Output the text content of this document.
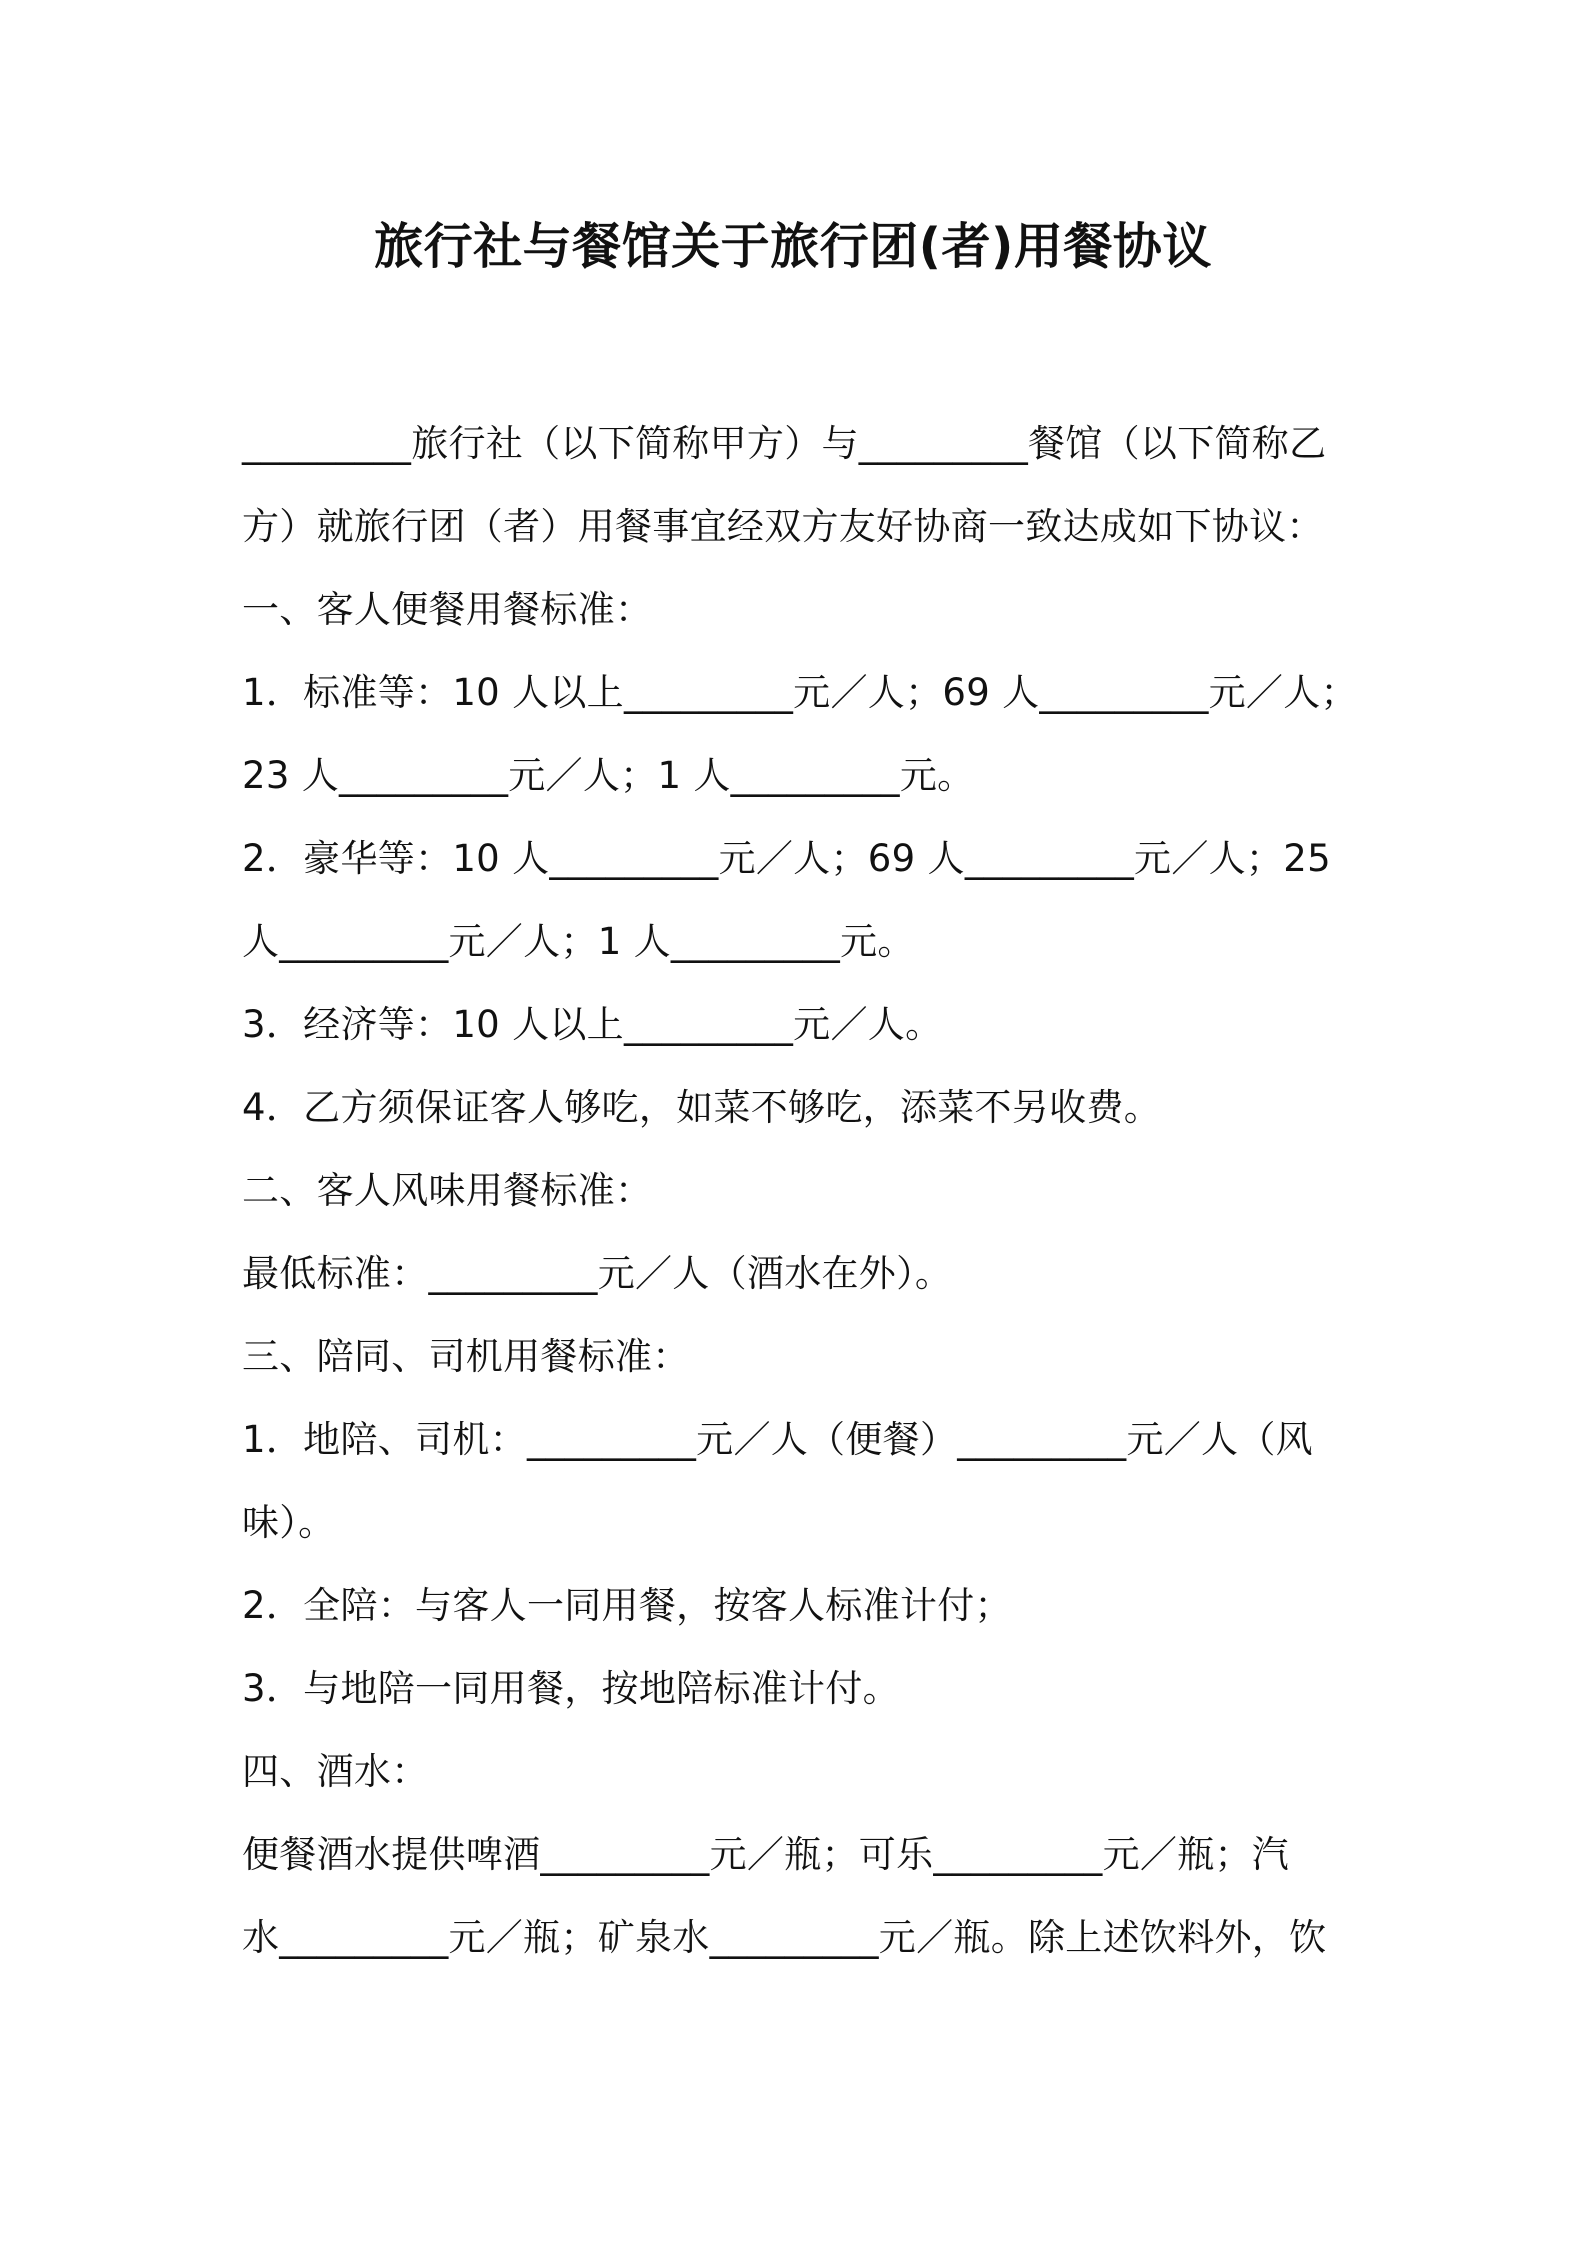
旅行社与餐馆关于旅行团(者)用餐协议
_________旅行社（以下简称甲方）与_________餐馆（以下简称乙
方）就旅行团（者）用餐事宜经双方友好协商一致达成如下协议：
一、客人便餐用餐标准：
1．标准等：10 人以上_________元／人；69 人_________元／人；
23 人_________元／人；1 人_________元。
2．豪华等：10 人_________元／人；69 人_________元／人；25
人_________元／人；1 人_________元。
3．经济等：10 人以上_________元／人。
4．乙方须保证客人够吃，如菜不够吃，添菜不另收费。
二、客人风味用餐标准：
最低标准：_________元／人（酒水在外）。
三、陪同、司机用餐标准：
1．地陪、司机：_________元／人（便餐）_________元／人（风
味）。
2．全陪：与客人一同用餐，按客人标准计付；
3．与地陪一同用餐，按地陪标准计付。
四、酒水：
便餐酒水提供啤酒_________元／瓶；可乐_________元／瓶；汽
水_________元／瓶；矿泉水_________元／瓶。除上述饮料外，饮
